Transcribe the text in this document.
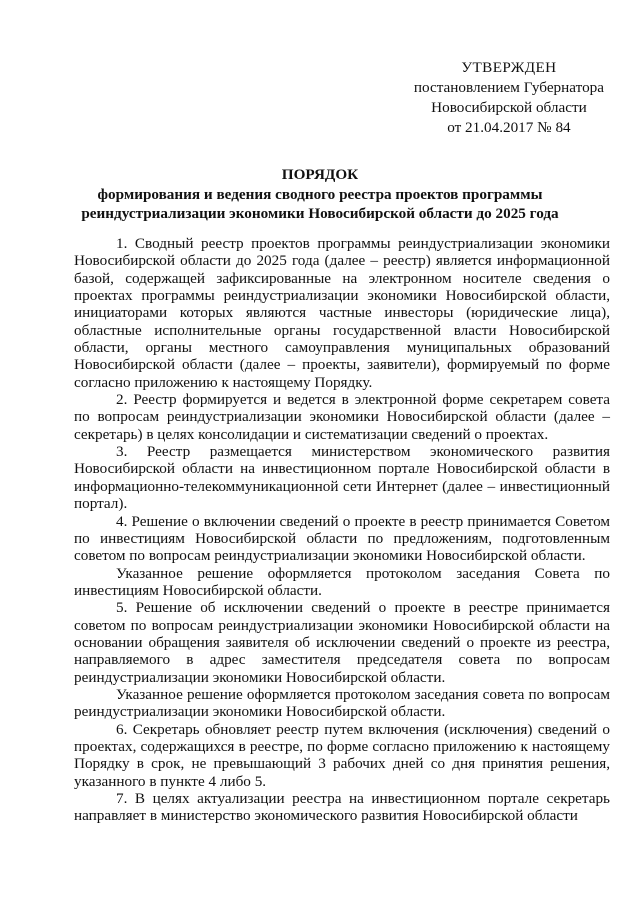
УТВЕРЖДЕН
постановлением Губернатора
Новосибирской области
от 21.04.2017 № 84
ПОРЯДОК
формирования и ведения сводного реестра проектов программы
реиндустриализации экономики Новосибирской области до 2025 года

1. Сводный реестр проектов программы реиндустриализации экономики Новосибирской области до 2025 года (далее – реестр) является информационной базой, содержащей зафиксированные на электронном носителе сведения о проектах программы реиндустриализации экономики Новосибирской области, инициаторами которых являются частные инвесторы (юридические лица), областные исполнительные органы государственной власти Новосибирской области, органы местного самоуправления муниципальных образований Новосибирской области (далее – проекты, заявители), формируемый по форме согласно приложению к настоящему Порядку.

2. Реестр формируется и ведется в электронной форме секретарем совета по вопросам реиндустриализации экономики Новосибирской области (далее – секретарь) в целях консолидации и систематизации сведений о проектах.

3. Реестр размещается министерством экономического развития Новосибирской области на инвестиционном портале Новосибирской области в информационно-телекоммуникационной сети Интернет (далее – инвестиционный портал).

4. Решение о включении сведений о проекте в реестр принимается Советом по инвестициям Новосибирской области по предложениям, подготовленным советом по вопросам реиндустриализации экономики Новосибирской области.

Указанное решение оформляется протоколом заседания Совета по инвестициям Новосибирской области.

5. Решение об исключении сведений о проекте в реестре принимается советом по вопросам реиндустриализации экономики Новосибирской области на основании обращения заявителя об исключении сведений о проекте из реестра, направляемого в адрес заместителя председателя совета по вопросам реиндустриализации экономики Новосибирской области.

Указанное решение оформляется протоколом заседания совета по вопросам реиндустриализации экономики Новосибирской области.

6. Секретарь обновляет реестр путем включения (исключения) сведений о проектах, содержащихся в реестре, по форме согласно приложению к настоящему Порядку в срок, не превышающий 3 рабочих дней со дня принятия решения, указанного в пункте 4 либо 5.

7. В целях актуализации реестра на инвестиционном портале секретарь направляет в министерство экономического развития Новосибирской области
